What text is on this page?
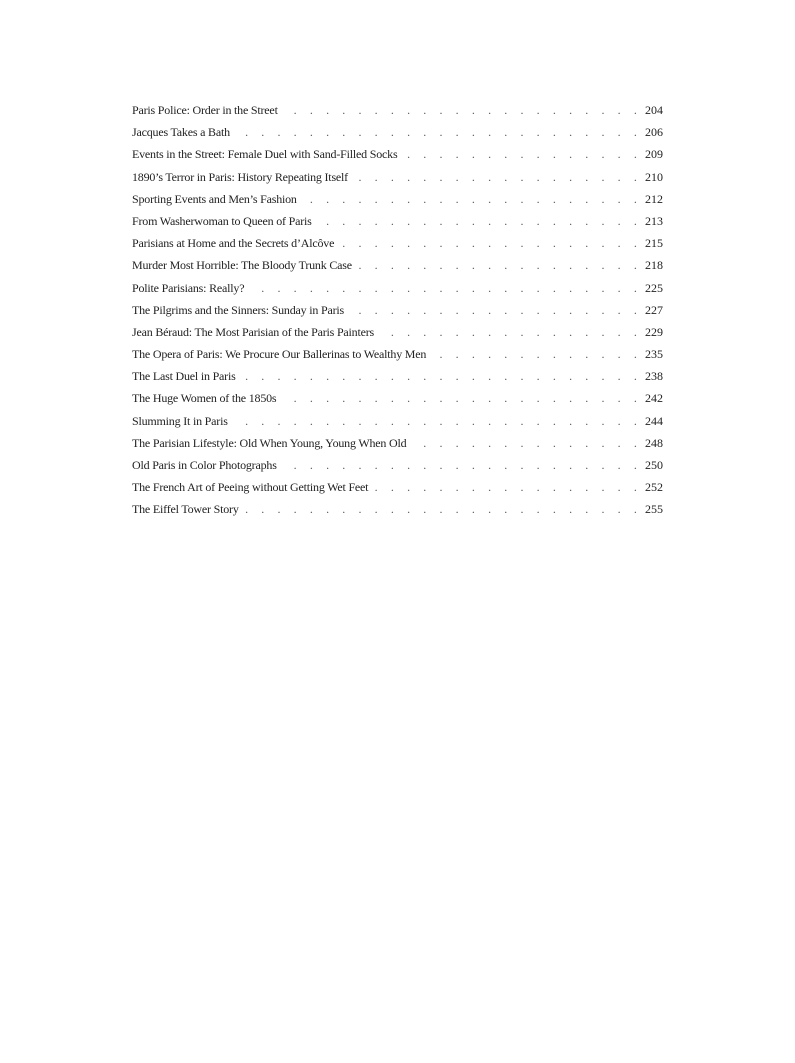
Paris Police: Order in the Street . . .	204
Jacques Takes a Bath . . .	206
Events in the Street: Female Duel with Sand-Filled Socks . . .	209
1890’s Terror in Paris: History Repeating Itself . . .	210
Sporting Events and Men’s Fashion . . .	212
From Washerwoman to Queen of Paris . . .	213
Parisians at Home and the Secrets d’Alcôve . . .	215
Murder Most Horrible: The Bloody Trunk Case . . .	218
Polite Parisians: Really? . . .	225
The Pilgrims and the Sinners: Sunday in Paris . . .	227
Jean Béraud: The Most Parisian of the Paris Painters . . .	229
The Opera of Paris: We Procure Our Ballerinas to Wealthy Men . . .	235
The Last Duel in Paris . . .	238
The Huge Women of the 1850s . . .	242
Slumming It in Paris . . .	244
The Parisian Lifestyle: Old When Young, Young When Old . . .	248
Old Paris in Color Photographs . . .	250
The French Art of Peeing without Getting Wet Feet . . .	252
The Eiffel Tower Story . . .	255
